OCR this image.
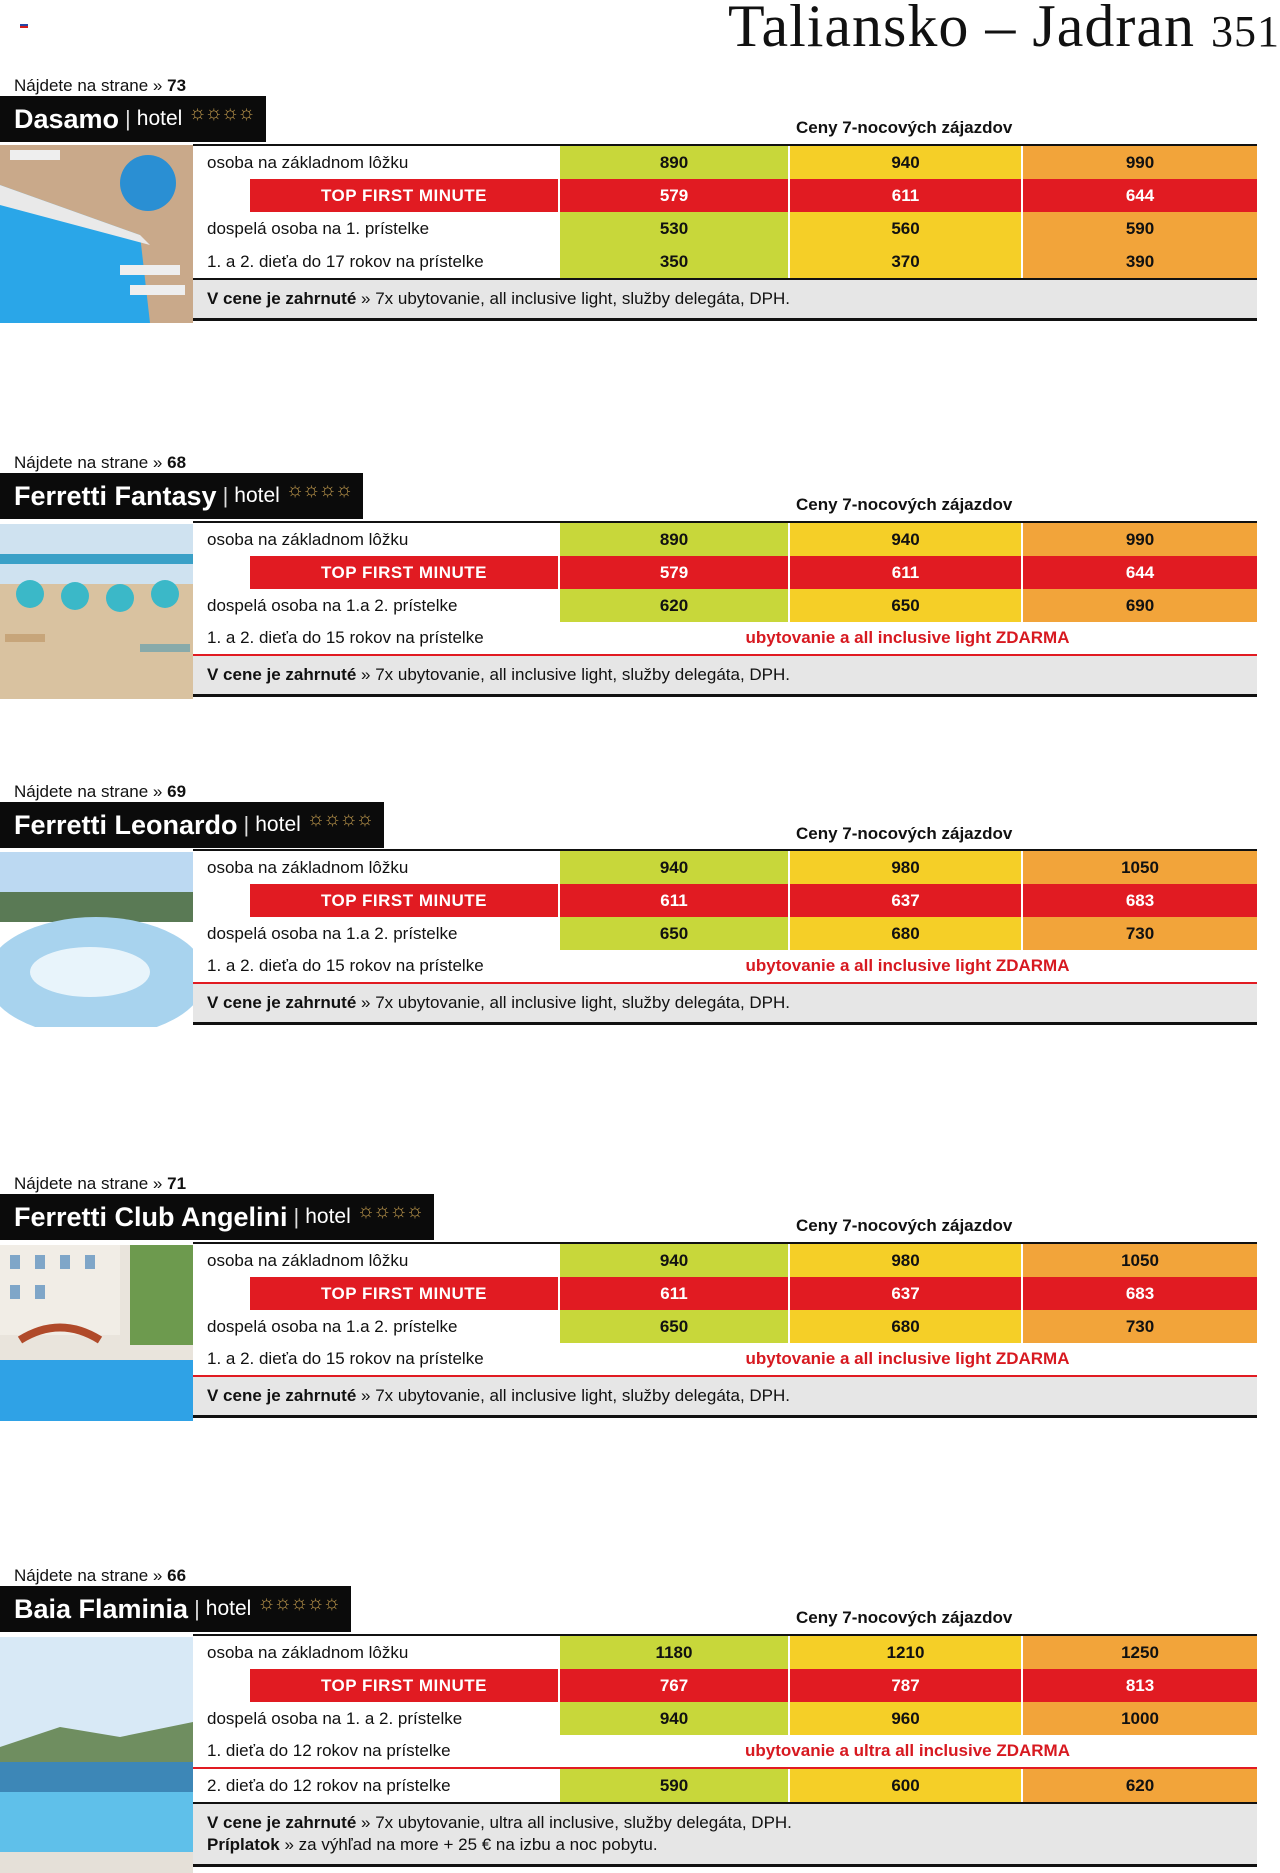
Taliansko – Jadran 351
Nájdete na strane » 73
Dasamo | hotel ☼☼☼☼
Ceny 7-nocových zájazdov
osoba na základnom lôžku	890	940	990
TOP FIRST MINUTE	579	611	644
dospelá osoba na 1. prístelke	530	560	590
1. a 2. dieťa do 17 rokov na prístelke	350	370	390
V cene je zahrnuté » 7x ubytovanie, all inclusive light, služby delegáta, DPH.
Nájdete na strane » 68
Ferretti Fantasy | hotel ☼☼☼☼
Ceny 7-nocových zájazdov
osoba na základnom lôžku	890	940	990
TOP FIRST MINUTE	579	611	644
dospelá osoba na 1.a 2. prístelke	620	650	690
1. a 2. dieťa do 15 rokov na prístelke	ubytovanie a all inclusive light ZDARMA
V cene je zahrnuté » 7x ubytovanie, all inclusive light, služby delegáta, DPH.
Nájdete na strane » 69
Ferretti Leonardo | hotel ☼☼☼☼
Ceny 7-nocových zájazdov
osoba na základnom lôžku	940	980	1050
TOP FIRST MINUTE	611	637	683
dospelá osoba na 1.a 2. prístelke	650	680	730
1. a 2. dieťa do 15 rokov na prístelke	ubytovanie a all inclusive light ZDARMA
V cene je zahrnuté » 7x ubytovanie, all inclusive light, služby delegáta, DPH.
Nájdete na strane » 71
Ferretti Club Angelini | hotel ☼☼☼☼
Ceny 7-nocových zájazdov
osoba na základnom lôžku	940	980	1050
TOP FIRST MINUTE	611	637	683
dospelá osoba na 1.a 2. prístelke	650	680	730
1. a 2. dieťa do 15 rokov na prístelke	ubytovanie a all inclusive light ZDARMA
V cene je zahrnuté » 7x ubytovanie, all inclusive light, služby delegáta, DPH.
Nájdete na strane » 66
Baia Flaminia | hotel ☼☼☼☼☼
Ceny 7-nocových zájazdov
osoba na základnom lôžku	1180	1210	1250
TOP FIRST MINUTE	767	787	813
dospelá osoba na 1. a 2. prístelke	940	960	1000
1. dieťa do 12 rokov na prístelke	ubytovanie a ultra all inclusive ZDARMA
2. dieťa do 12 rokov na prístelke	590	600	620
V cene je zahrnuté » 7x ubytovanie, ultra all inclusive, služby delegáta, DPH.
Príplatok » za výhľad na more + 25 € na izbu a noc pobytu.
